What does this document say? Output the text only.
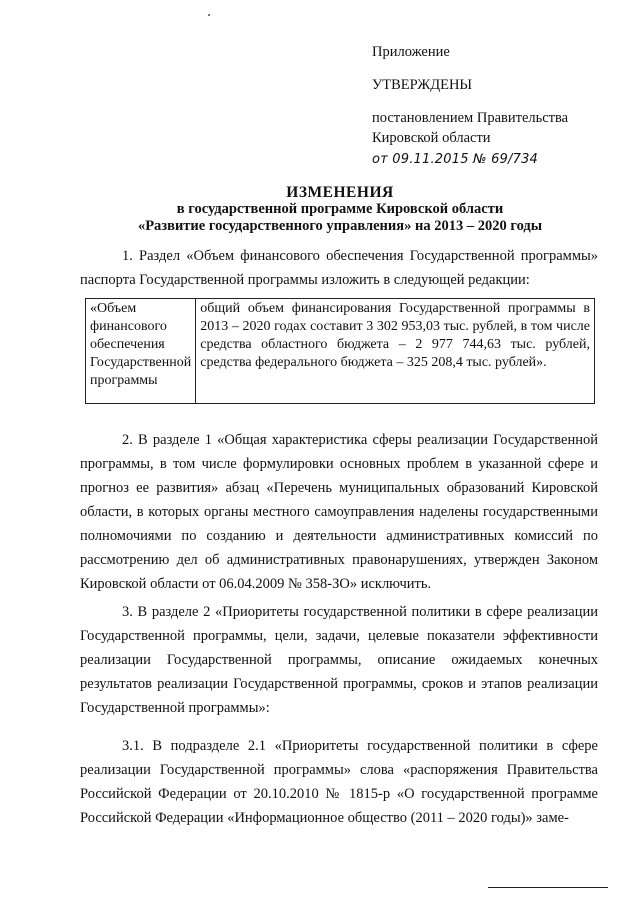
Приложение
УТВЕРЖДЕНЫ
постановлением Правительства
Кировской области
от 09.11.2015 № 69/734
ИЗМЕНЕНИЯ
в государственной программе Кировской области
«Развитие государственного управления» на 2013 – 2020 годы
1. Раздел «Объем финансового обеспечения Государственной программы» паспорта Государственной программы изложить в следующей редакции:
«Объем финансового обеспечения Государственной программы	общий объем финансирования Государственной программы в 2013 – 2020 годах составит 3 302 953,03 тыс. рублей, в том числе средства областного бюджета – 2 977 744,63 тыс. рублей, средства федерального бюджета – 325 208,4 тыс. рублей».
2. В разделе 1 «Общая характеристика сферы реализации Государственной программы, в том числе формулировки основных проблем в указанной сфере и прогноз ее развития» абзац «Перечень муниципальных образований Кировской области, в которых органы местного самоуправления наделены государственными полномочиями по созданию и деятельности административных комиссий по рассмотрению дел об административных правонарушениях, утвержден Законом Кировской области от 06.04.2009 № 358-ЗО» исключить.
3. В разделе 2 «Приоритеты государственной политики в сфере реализации Государственной программы, цели, задачи, целевые показатели эффективности реализации Государственной программы, описание ожидаемых конечных результатов реализации Государственной программы, сроков и этапов реализации Государственной программы»:
3.1. В подразделе 2.1 «Приоритеты государственной политики в сфере реализации Государственной программы» слова «распоряжения Правительства Российской Федерации от 20.10.2010 № 1815-р «О государственной программе Российской Федерации «Информационное общество (2011 – 2020 годы)» заме-
